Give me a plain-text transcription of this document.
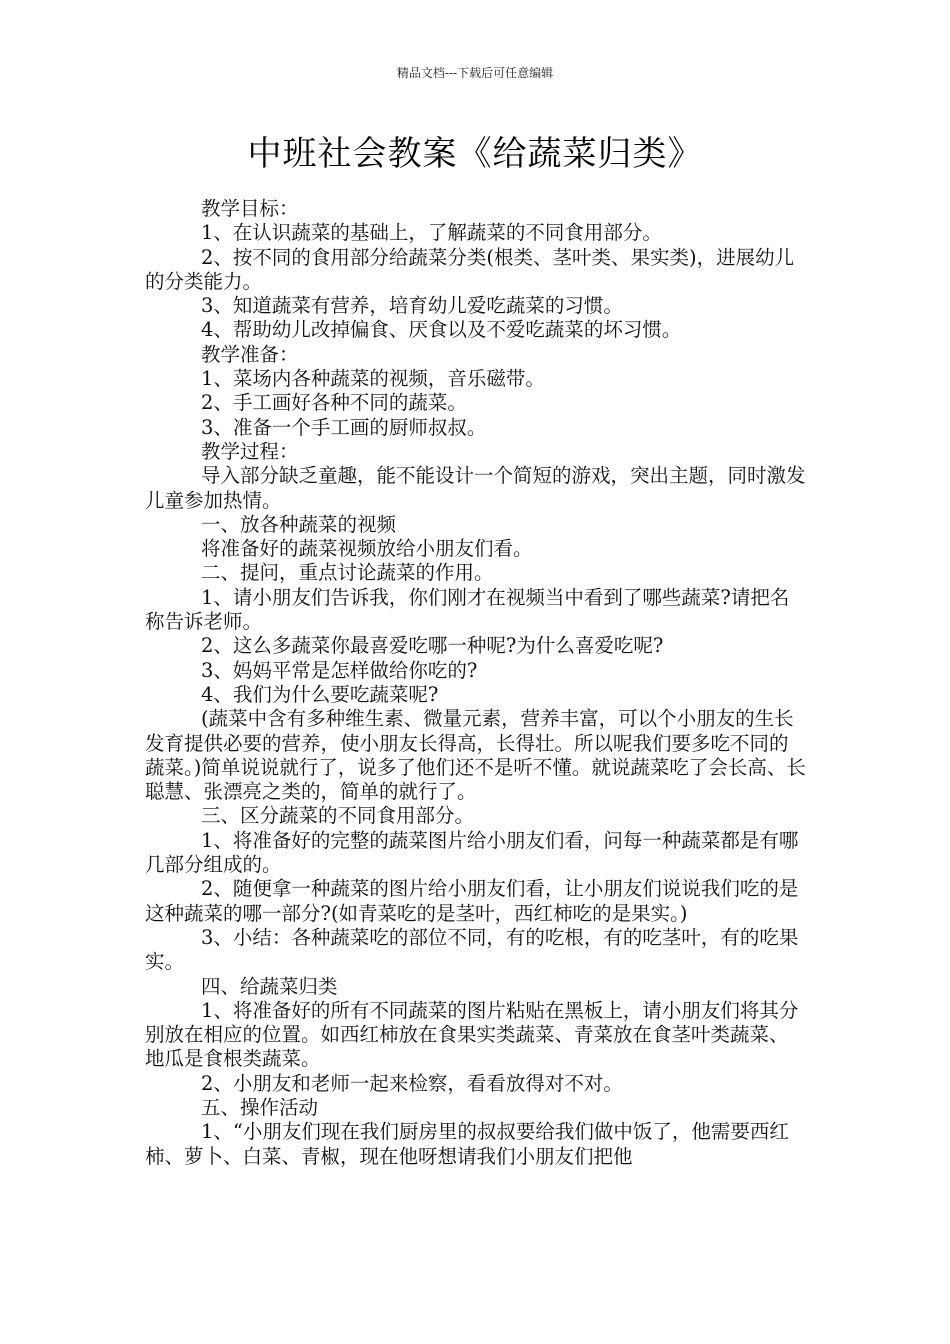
精品文档---下载后可任意编辑
中班社会教案《给蔬菜归类》

教学目标：

1、在认识蔬菜的基础上，了解蔬菜的不同食用部分。

2、按不同的食用部分给蔬菜分类(根类、茎叶类、果实类)，进展幼儿的分类能力。

3、知道蔬菜有营养，培育幼儿爱吃蔬菜的习惯。

4、帮助幼儿改掉偏食、厌食以及不爱吃蔬菜的坏习惯。

教学准备：

1、菜场内各种蔬菜的视频，音乐磁带。

2、手工画好各种不同的蔬菜。

3、准备一个手工画的厨师叔叔。

教学过程：

导入部分缺乏童趣，能不能设计一个简短的游戏，突出主题，同时激发儿童参加热情。

一、放各种蔬菜的视频

将准备好的蔬菜视频放给小朋友们看。

二、提问，重点讨论蔬菜的作用。

1、请小朋友们告诉我，你们刚才在视频当中看到了哪些蔬菜?请把名称告诉老师。

2、这么多蔬菜你最喜爱吃哪一种呢?为什么喜爱吃呢?

3、妈妈平常是怎样做给你吃的?

4、我们为什么要吃蔬菜呢?

(蔬菜中含有多种维生素、微量元素，营养丰富，可以个小朋友的生长发育提供必要的营养，使小朋友长得高，长得壮。所以呢我们要多吃不同的蔬菜。)简单说说就行了，说多了他们还不是听不懂。就说蔬菜吃了会长高、长聪慧、张漂亮之类的，简单的就行了。

三、区分蔬菜的不同食用部分。

1、将准备好的完整的蔬菜图片给小朋友们看，问每一种蔬菜都是有哪几部分组成的。

2、随便拿一种蔬菜的图片给小朋友们看，让小朋友们说说我们吃的是这种蔬菜的哪一部分?(如青菜吃的是茎叶，西红柿吃的是果实。)

3、小结：各种蔬菜吃的部位不同，有的吃根，有的吃茎叶，有的吃果实。

四、给蔬菜归类

1、将准备好的所有不同蔬菜的图片粘贴在黑板上，请小朋友们将其分别放在相应的位置。如西红柿放在食果实类蔬菜、青菜放在食茎叶类蔬菜、地瓜是食根类蔬菜。

2、小朋友和老师一起来检察，看看放得对不对。

五、操作活动

1、“小朋友们现在我们厨房里的叔叔要给我们做中饭了，他需要西红柿、萝卜、白菜、青椒，现在他呀想请我们小朋友们把他
